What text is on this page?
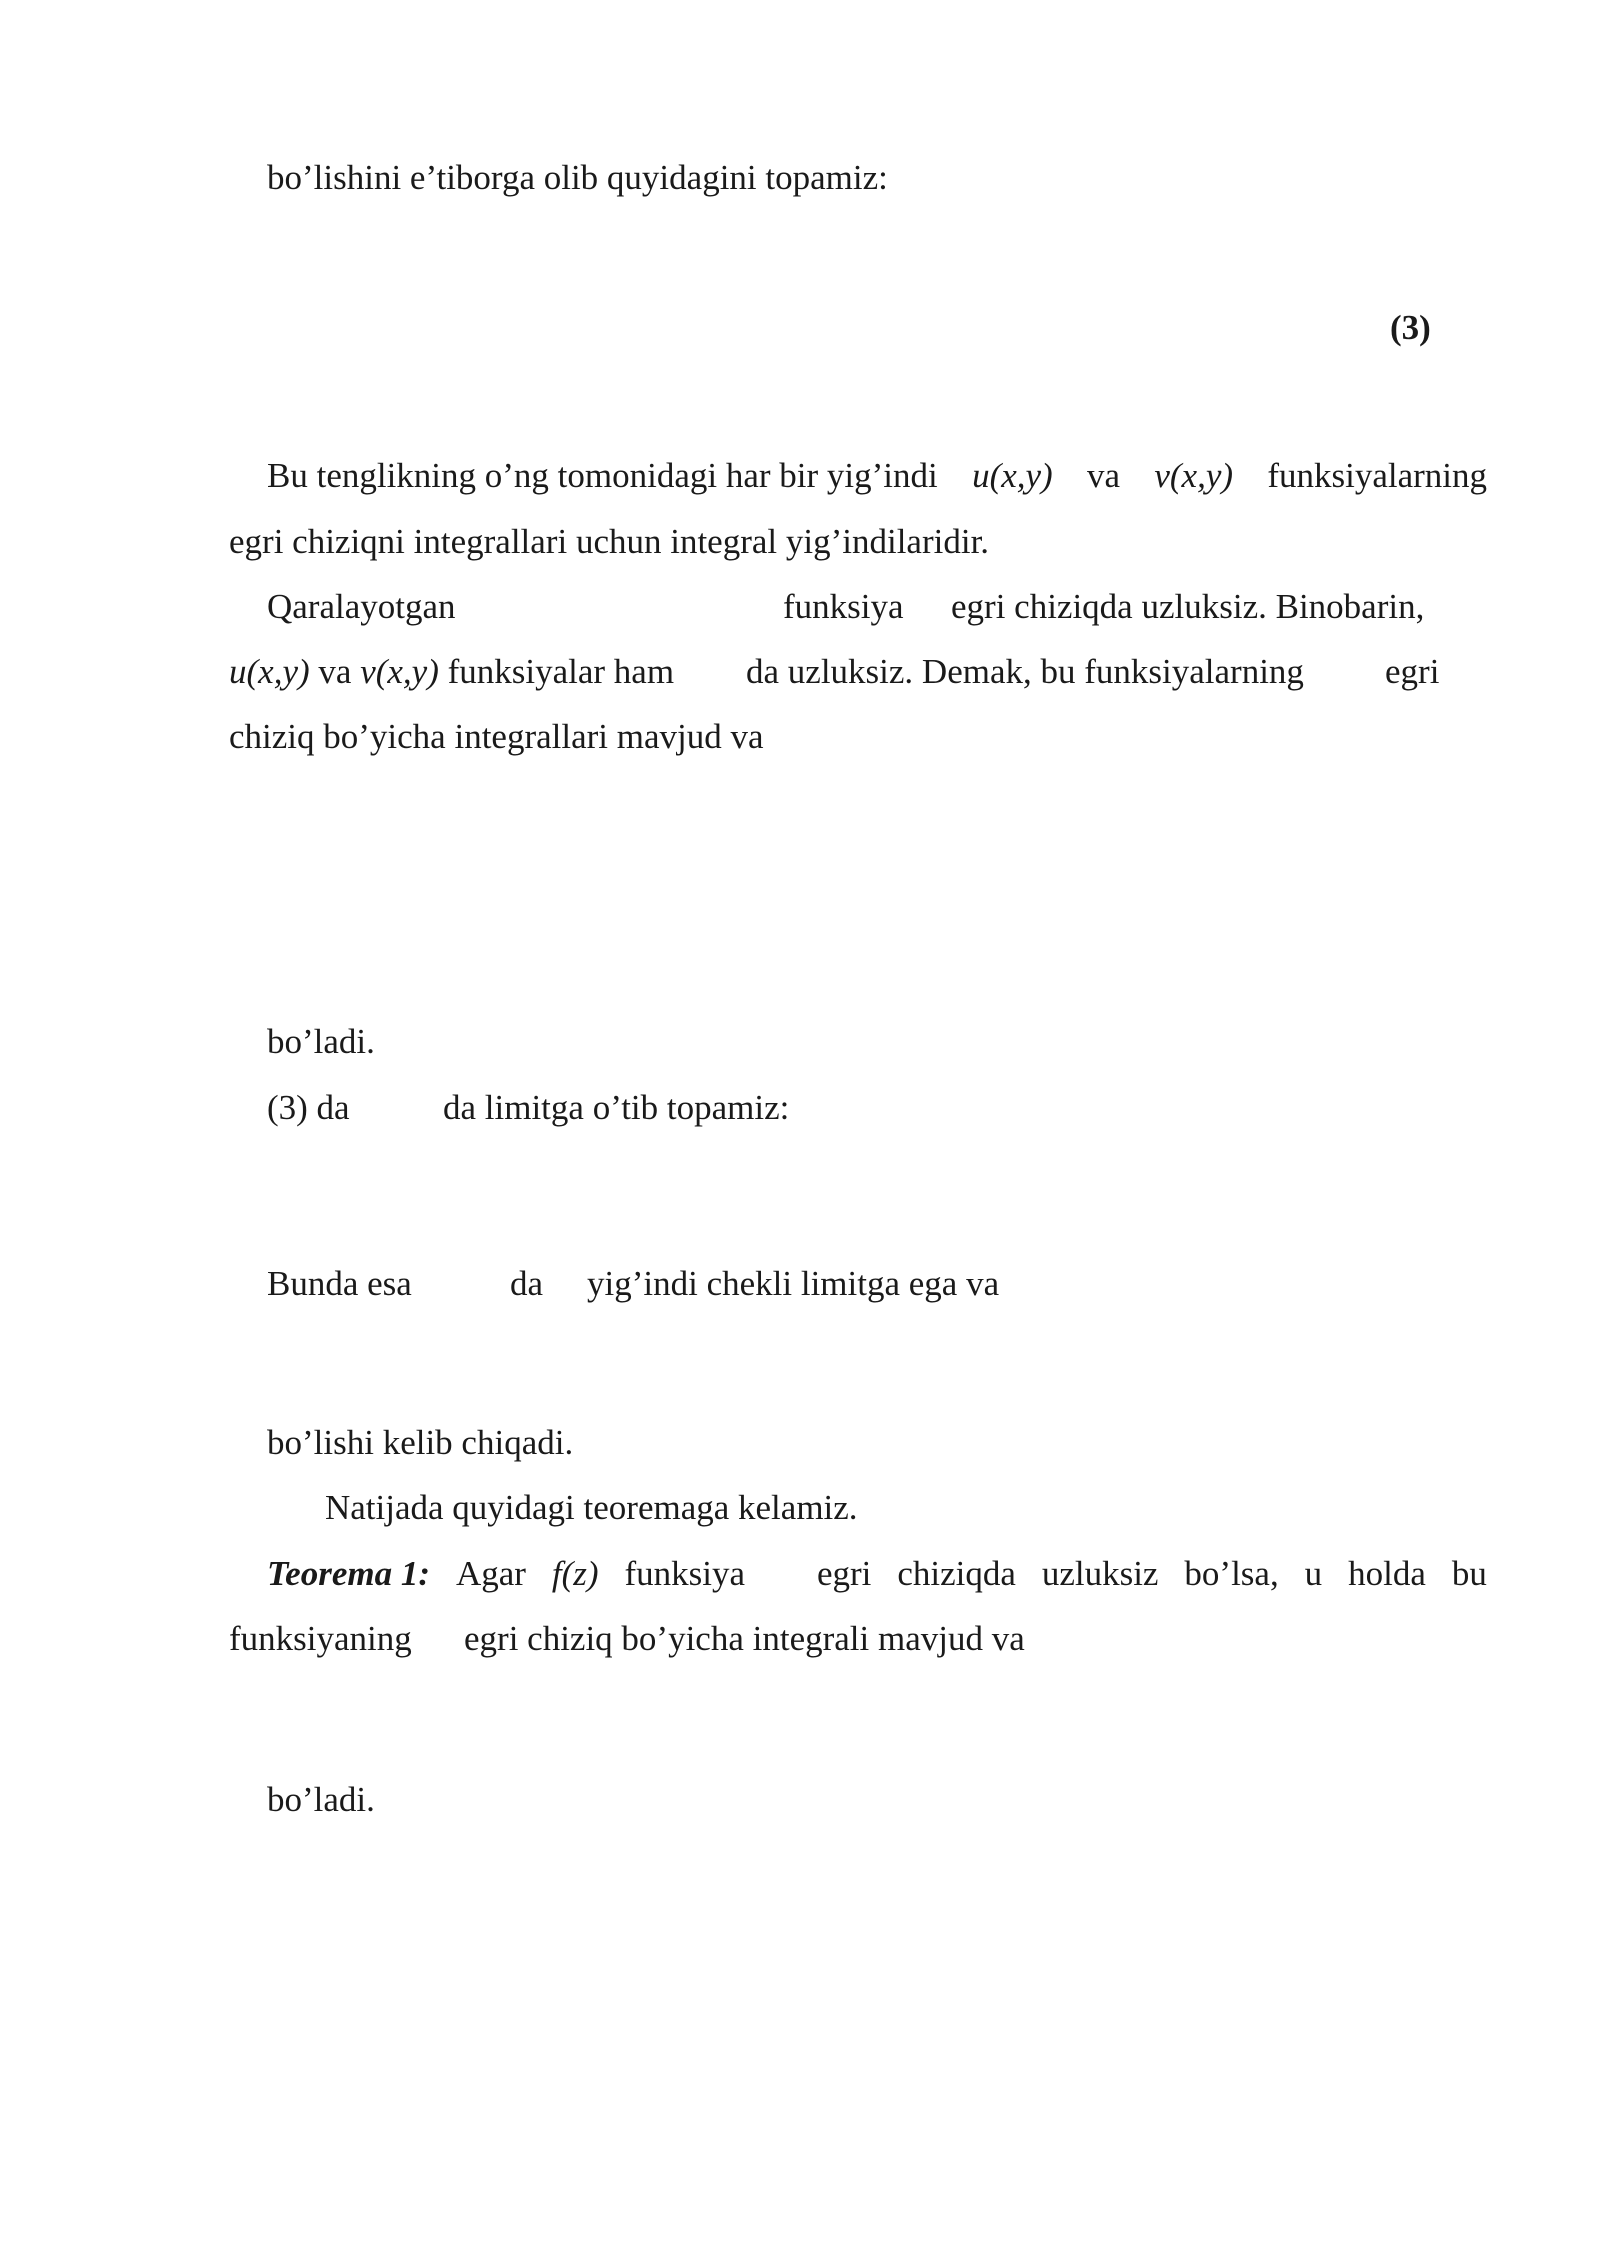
bo’lishini e’tiborga olib quyidagini topamiz:
(3)
Bu tenglikning o’ng tomonidagi har bir yig’indi u(x,y) va v(x,y) funksiyalarning
egri chiziqni integrallari uchun integral yig’indilaridir.
Qaralayotgan	funksiya egri chiziqda uzluksiz. Binobarin,
u(x,y) va v(x,y) funksiyalar ham da uzluksiz. Demak, bu funksiyalarning egri
chiziq bo’yicha integrallari mavjud va
bo’ladi.
(3) da	da limitga o’tib topamiz:
Bunda esa	da yig’indi chekli limitga ega va
bo’lishi kelib chiqadi.
Natijada quyidagi teoremaga kelamiz.
Teorema 1: Agar f(z) funksiya egri chiziqda uzluksiz bo’lsa, u holda bu
funksiyaning egri chiziq bo’yicha integrali mavjud va
bo’ladi.
